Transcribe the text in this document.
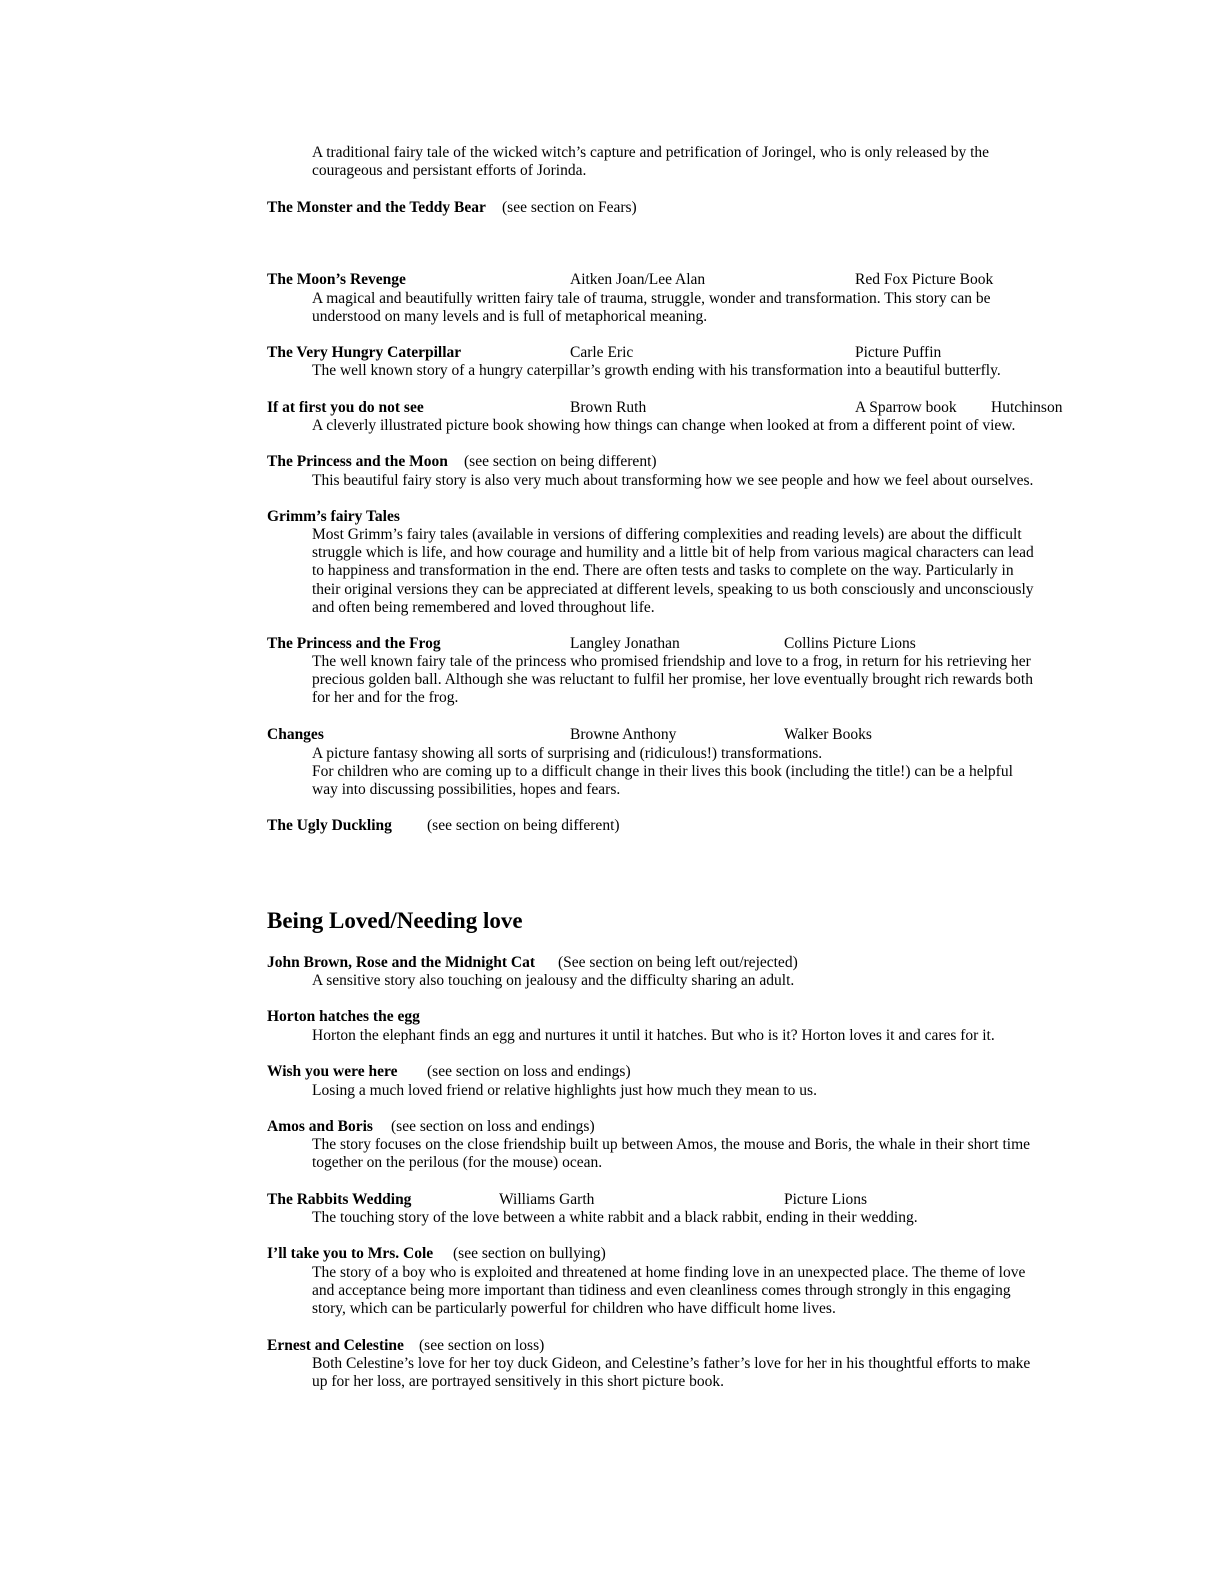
A traditional fairy tale of the wicked witch’s capture and petrification of Joringel, who is only released by the
courageous and persistant efforts of Jorinda.
The Monster and the Teddy Bear (see section on Fears)
The Moon’s Revenge	Aitken Joan/Lee Alan	Red Fox Picture Book
A magical and beautifully written fairy tale of trauma, struggle, wonder and transformation. This story can be
understood on many levels and is full of metaphorical meaning.
The Very Hungry Caterpillar	Carle Eric	Picture Puffin
The well known story of a hungry caterpillar’s growth ending with his transformation into a beautiful butterfly.
If at first you do not see	Brown Ruth	A Sparrow book Hutchinson
A cleverly illustrated picture book showing how things can change when looked at from a different point of view.
The Princess and the Moon (see section on being different)
This beautiful fairy story is also very much about transforming how we see people and how we feel about ourselves.
Grimm’s fairy Tales
Most Grimm’s fairy tales (available in versions of differing complexities and reading levels) are about the difficult
struggle which is life, and how courage and humility and a little bit of help from various magical characters can lead
to happiness and transformation in the end. There are often tests and tasks to complete on the way. Particularly in
their original versions they can be appreciated at different levels, speaking to us both consciously and unconsciously
and often being remembered and loved throughout life.
The Princess and the Frog	Langley Jonathan	Collins Picture Lions
The well known fairy tale of the princess who promised friendship and love to a frog, in return for his retrieving her
precious golden ball. Although she was reluctant to fulfil her promise, her love eventually brought rich rewards both
for her and for the frog.
Changes	Browne Anthony	Walker Books
A picture fantasy showing all sorts of surprising and (ridiculous!) transformations.
For children who are coming up to a difficult change in their lives this book (including the title!) can be a helpful
way into discussing possibilities, hopes and fears.
The Ugly Duckling (see section on being different)
Being Loved/Needing love
John Brown, Rose and the Midnight Cat (See section on being left out/rejected)
A sensitive story also touching on jealousy and the difficulty sharing an adult.
Horton hatches the egg
Horton the elephant finds an egg and nurtures it until it hatches. But who is it? Horton loves it and cares for it.
Wish you were here (see section on loss and endings)
Losing a much loved friend or relative highlights just how much they mean to us.
Amos and Boris (see section on loss and endings)
The story focuses on the close friendship built up between Amos, the mouse and Boris, the whale in their short time
together on the perilous (for the mouse) ocean.
The Rabbits Wedding	Williams Garth	Picture Lions
The touching story of the love between a white rabbit and a black rabbit, ending in their wedding.
I’ll take you to Mrs. Cole (see section on bullying)
The story of a boy who is exploited and threatened at home finding love in an unexpected place. The theme of love
and acceptance being more important than tidiness and even cleanliness comes through strongly in this engaging
story, which can be particularly powerful for children who have difficult home lives.
Ernest and Celestine (see section on loss)
Both Celestine’s love for her toy duck Gideon, and Celestine’s father’s love for her in his thoughtful efforts to make
up for her loss, are portrayed sensitively in this short picture book.
